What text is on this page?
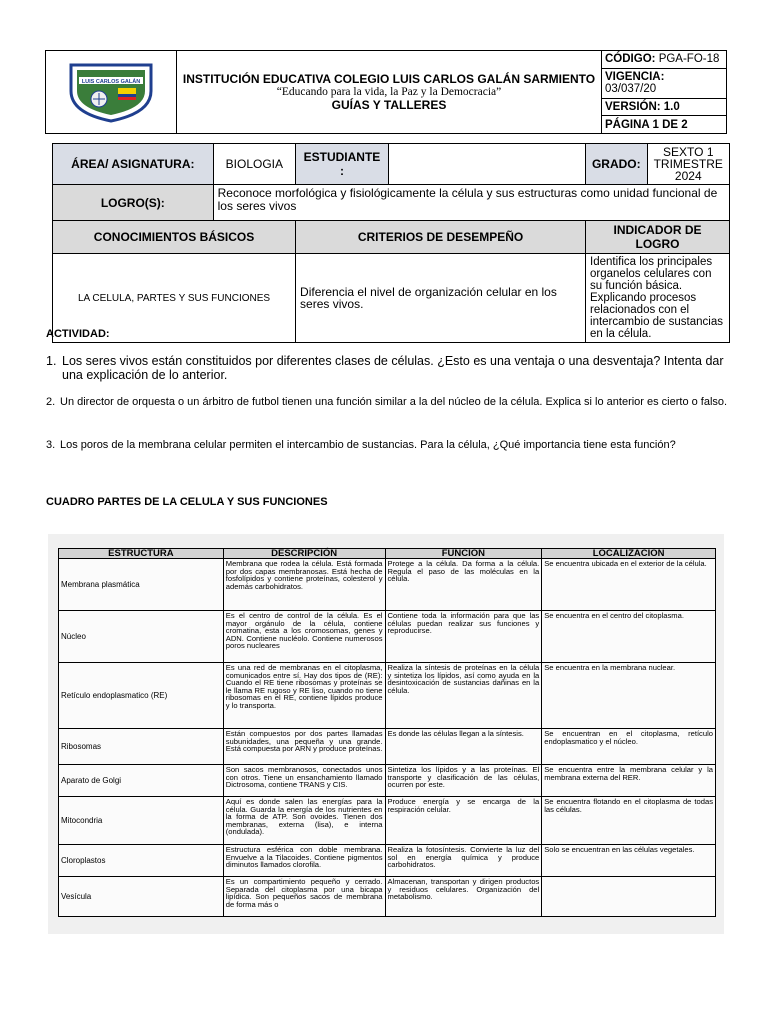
LUIS CARLOS GALÁN	INSTITUCIÓN EDUCATIVA COLEGIO LUIS CARLOS GALÁN SARMIENTO
“Educando para la vida, la Paz y la Democracia”
GUÍAS Y TALLERES
	CÓDIGO: PGA-FO-18
VIGENCIA:
03/037/20
VERSIÓN: 1.0
PÁGINA 1 DE 2
ÁREA/ ASIGNATURA:	BIOLOGIA	ESTUDIANTE :		GRADO:	SEXTO 1 TRIMESTRE 2024
LOGRO(S):	Reconoce morfológica y fisiológicamente la célula y sus estructuras como unidad funcional de los seres vivos				
CONOCIMIENTOS BÁSICOS		CRITERIOS DE DESEMPEÑO		INDICADOR DE LOGRO	
LA CELULA, PARTES Y SUS FUNCIONES		Diferencia el nivel de organización celular en los seres vivos.		Identifica los principales organelos celulares con su función básica. Explicando procesos relacionados con el intercambio de sustancias en la célula.	
ACTIVIDAD:
1. Los seres vivos están constituidos por diferentes clases de células. ¿Esto es una ventaja o una desventaja? Intenta dar una explicación de lo anterior.
2. Un director de orquesta o un árbitro de futbol tienen una función similar a la del núcleo de la célula. Explica si lo anterior es cierto o falso.
3. Los poros de la membrana celular permiten el intercambio de sustancias. Para la célula, ¿Qué importancia tiene esta función?
CUADRO PARTES DE LA CELULA Y SUS FUNCIONES
ESTRUCTURA	DESCRIPCIÓN	FUNCION	LOCALIZACION
Membrana plasmática	Membrana que rodea la célula. Está formada por dos capas membranosas. Está hecha de fosfolípidos y contiene proteínas, colesterol y además carbohidratos.	Protege a la célula. Da forma a la célula. Regula el paso de las moléculas en la célula.	Se encuentra ubicada en el exterior de la célula.
Núcleo	Es el centro de control de la célula. Es el mayor orgánulo de la célula, contiene cromatina, esta a los cromosomas, genes y ADN. Contiene nucléolo. Contiene numerosos poros nucleares	Contiene toda la información para que las células puedan realizar sus funciones y reproducirse.	Se encuentra en el centro del citoplasma.
Retículo endoplasmatico (RE)	Es una red de membranas en el citoplasma, comunicados entre sí. Hay dos tipos de (RE): Cuando el RE tiene ribosomas y proteínas se le llama RE rugoso y RE liso, cuando no tiene ribosomas en el RE, contiene lípidos produce y lo transporta.	Realiza la síntesis de proteínas en la célula y sintetiza los lípidos, así como ayuda en la desintoxicación de sustancias dañinas en la célula.	Se encuentra en la membrana nuclear.
Ribosomas	Están compuestos por dos partes llamadas subunidades, una pequeña y una grande. Está compuesta por ARN y produce proteínas.	Es donde las células llegan a la síntesis.	Se encuentran en el citoplasma, retículo endoplasmatico y el núcleo.
Aparato de Golgi	Son sacos membranosos, conectados unos con otros. Tiene un ensanchamiento llamado Dictrosoma, contiene TRANS y CIS.	Sintetiza los lípidos y a las proteínas. El transporte y clasificación de las células, ocurren por este.	Se encuentra entre la membrana celular y la membrana externa del RER.
Mitocondria	Aquí es donde salen las energías para la célula. Guarda la energía de los nutrientes en la forma de ATP. Son ovoides. Tienen dos membranas, externa (lisa), e interna (ondulada).	Produce energía y se encarga de la respiración celular.	Se encuentra flotando en el citoplasma de todas las células.
Cloroplastos	Estructura esférica con doble membrana. Envuelve a la Tilacoides. Contiene pigmentos diminutos llamados clorofila.	Realiza la fotosíntesis. Convierte la luz del sol en energía química y produce carbohidratos.	Solo se encuentran en las células vegetales.
Vesícula	Es un compartimiento pequeño y cerrado. Separada del citoplasma por una bicapa lipídica. Son pequeños sacos de membrana de forma más o	Almacenan, transportan y dirigen productos y residuos celulares. Organización del metabolismo.	
